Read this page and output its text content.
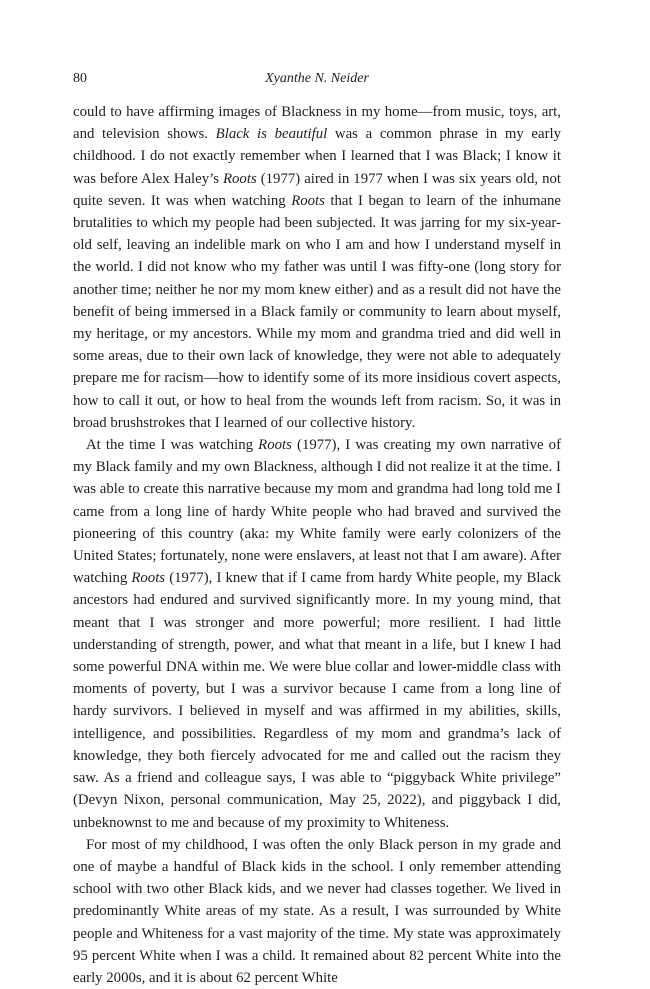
80	Xyanthe N. Neider

could to have affirming images of Blackness in my home—from music, toys, art, and television shows. Black is beautiful was a common phrase in my early childhood. I do not exactly remember when I learned that I was Black; I know it was before Alex Haley’s Roots (1977) aired in 1977 when I was six years old, not quite seven. It was when watching Roots that I began to learn of the inhumane brutalities to which my people had been subjected. It was jarring for my six-year-old self, leaving an indelible mark on who I am and how I understand myself in the world. I did not know who my father was until I was fifty-one (long story for another time; neither he nor my mom knew either) and as a result did not have the benefit of being immersed in a Black family or community to learn about myself, my heritage, or my ancestors. While my mom and grandma tried and did well in some areas, due to their own lack of knowledge, they were not able to adequately prepare me for racism—how to identify some of its more insidious covert aspects, how to call it out, or how to heal from the wounds left from racism. So, it was in broad brushstrokes that I learned of our collective history.

At the time I was watching Roots (1977), I was creating my own narrative of my Black family and my own Blackness, although I did not realize it at the time. I was able to create this narrative because my mom and grandma had long told me I came from a long line of hardy White people who had braved and survived the pioneering of this country (aka: my White family were early colonizers of the United States; fortunately, none were enslavers, at least not that I am aware). After watching Roots (1977), I knew that if I came from hardy White people, my Black ancestors had endured and survived significantly more. In my young mind, that meant that I was stronger and more powerful; more resilient. I had little understanding of strength, power, and what that meant in a life, but I knew I had some powerful DNA within me. We were blue collar and lower-middle class with moments of poverty, but I was a survivor because I came from a long line of hardy survivors. I believed in myself and was affirmed in my abilities, skills, intelligence, and possibilities. Regardless of my mom and grandma’s lack of knowledge, they both fiercely advocated for me and called out the racism they saw. As a friend and colleague says, I was able to “piggyback White privilege” (Devyn Nixon, personal communication, May 25, 2022), and piggyback I did, unbeknownst to me and because of my proximity to Whiteness.

For most of my childhood, I was often the only Black person in my grade and one of maybe a handful of Black kids in the school. I only remember attending school with two other Black kids, and we never had classes together. We lived in predominantly White areas of my state. As a result, I was surrounded by White people and Whiteness for a vast majority of the time. My state was approximately 95 percent White when I was a child. It remained about 82 percent White into the early 2000s, and it is about 62 percent White
